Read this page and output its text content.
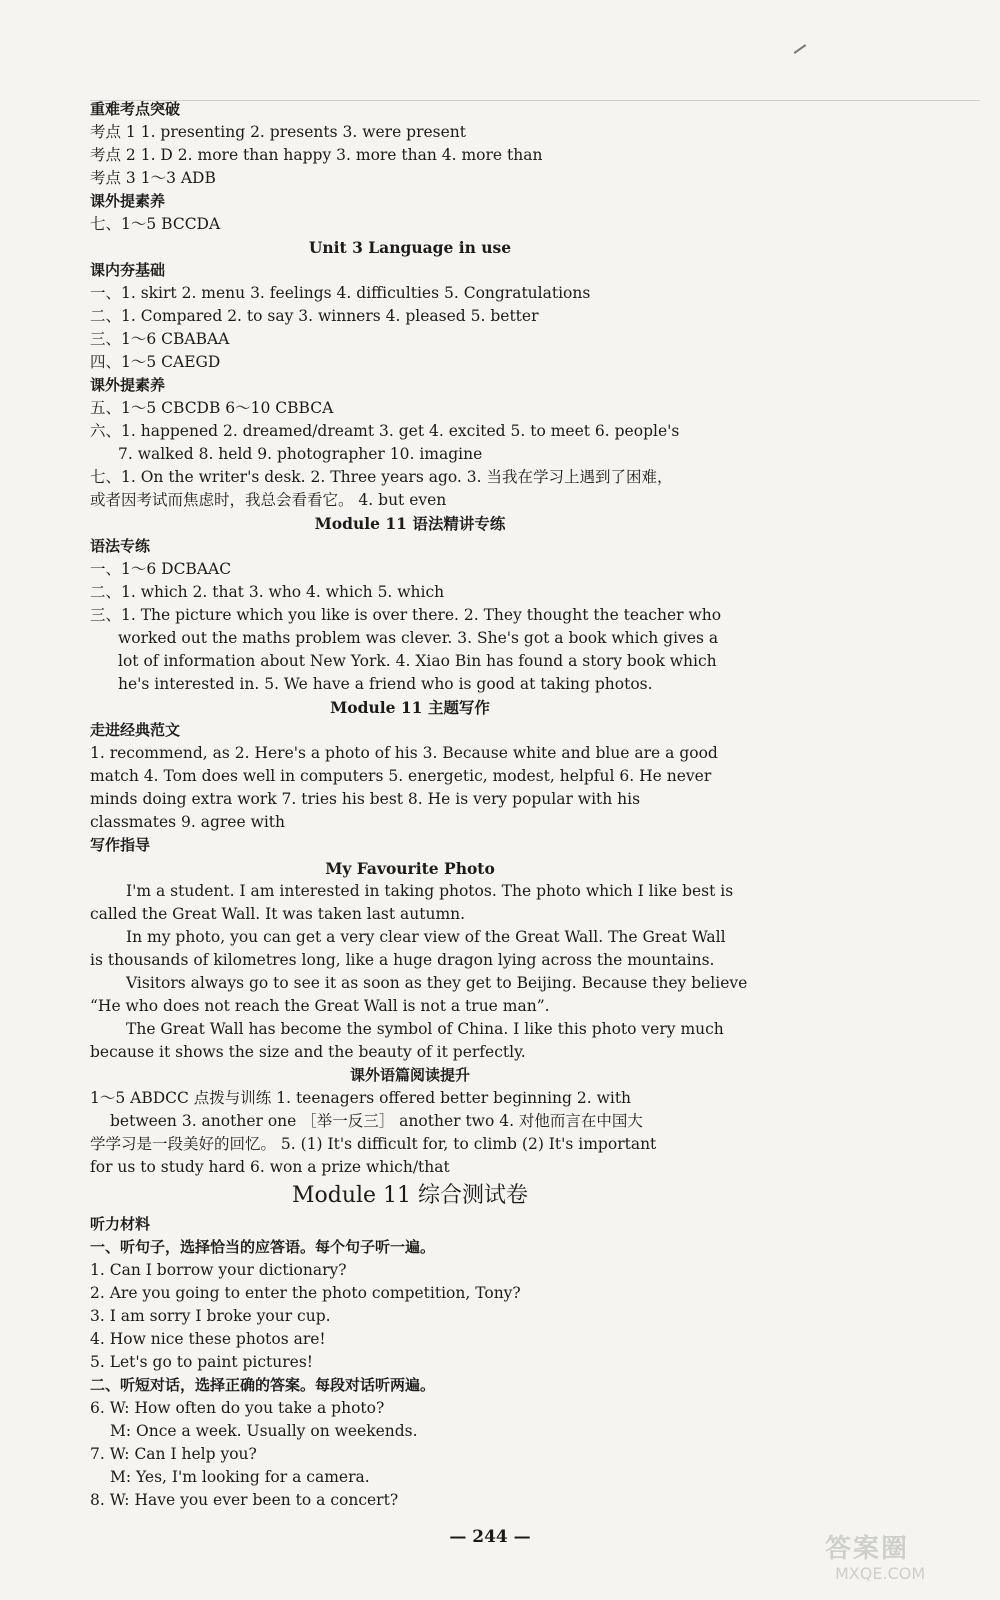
重难考点突破
考点 1 1. presenting 2. presents 3. were present
考点 2 1. D 2. more than happy 3. more than 4. more than
考点 3 1～3 ADB
课外提素养
七、1～5 BCCDA
Unit 3 Language in use
课内夯基础
一、1. skirt 2. menu 3. feelings 4. difficulties 5. Congratulations
二、1. Compared 2. to say 3. winners 4. pleased 5. better
三、1～6 CBABAA
四、1～5 CAEGD
课外提素养
五、1～5 CBCDB 6～10 CBBCA
六、1. happened 2. dreamed/dreamt 3. get 4. excited 5. to meet 6. people's
7. walked 8. held 9. photographer 10. imagine
七、1. On the writer's desk. 2. Three years ago. 3. 当我在学习上遇到了困难，
或者因考试而焦虑时，我总会看看它。 4. but even
Module 11 语法精讲专练
语法专练
一、1～6 DCBAAC
二、1. which 2. that 3. who 4. which 5. which
三、1. The picture which you like is over there. 2. They thought the teacher who
worked out the maths problem was clever. 3. She's got a book which gives a
lot of information about New York. 4. Xiao Bin has found a story book which
he's interested in. 5. We have a friend who is good at taking photos.
Module 11 主题写作
走进经典范文
1. recommend, as 2. Here's a photo of his 3. Because white and blue are a good
match 4. Tom does well in computers 5. energetic, modest, helpful 6. He never
minds doing extra work 7. tries his best 8. He is very popular with his
classmates 9. agree with
写作指导
My Favourite Photo
I'm a student. I am interested in taking photos. The photo which I like best is
called the Great Wall. It was taken last autumn.
In my photo, you can get a very clear view of the Great Wall. The Great Wall
is thousands of kilometres long, like a huge dragon lying across the mountains.
Visitors always go to see it as soon as they get to Beijing. Because they believe
“He who does not reach the Great Wall is not a true man”.
The Great Wall has become the symbol of China. I like this photo very much
because it shows the size and the beauty of it perfectly.
课外语篇阅读提升
1～5 ABDCC 点拨与训练 1. teenagers offered better beginning 2. with
between 3. another one ［举一反三］ another two 4. 对他而言在中国大
学学习是一段美好的回忆。 5. (1) It's difficult for, to climb (2) It's important
for us to study hard 6. won a prize which/that
Module 11 综合测试卷
听力材料
一、听句子，选择恰当的应答语。每个句子听一遍。
1. Can I borrow your dictionary?
2. Are you going to enter the photo competition, Tony?
3. I am sorry I broke your cup.
4. How nice these photos are!
5. Let's go to paint pictures!
二、听短对话，选择正确的答案。每段对话听两遍。
6. W: How often do you take a photo?
M: Once a week. Usually on weekends.
7. W: Can I help you?
M: Yes, I'm looking for a camera.
8. W: Have you ever been to a concert?
— 244 —	答案圈
MXQE.COM
